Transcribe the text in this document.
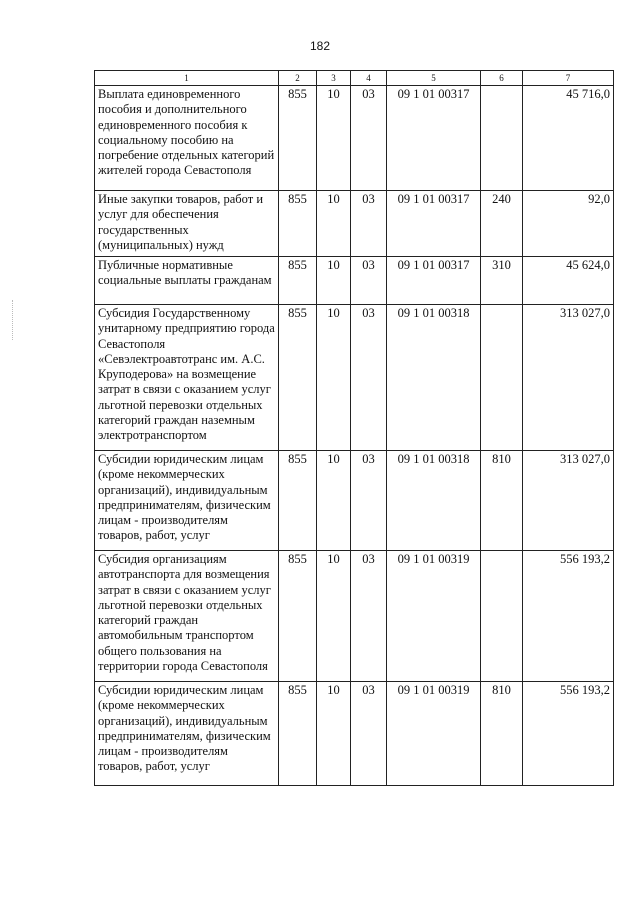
182
1	2	3	4	5	6	7
Выплата единовременного пособия и дополнительного единовременного пособия к социальному пособию на погребение отдельных категорий жителей города Севастополя	855	10	03	09 1 01 00317		45 716,0
Иные закупки товаров, работ и услуг для обеспечения государственных (муниципальных) нужд	855	10	03	09 1 01 00317	240	92,0
Публичные нормативные социальные выплаты гражданам	855	10	03	09 1 01 00317	310	45 624,0
Субсидия Государственному унитарному предприятию города Севастополя «Севэлектроавтотранс им. А.С. Круподерова» на возмещение затрат в связи с оказанием услуг льготной перевозки отдельных категорий граждан наземным электротранспортом	855	10	03	09 1 01 00318		313 027,0
Субсидии юридическим лицам (кроме некоммерческих организаций), индивидуальным предпринимателям, физическим лицам - производителям товаров, работ, услуг	855	10	03	09 1 01 00318	810	313 027,0
Субсидия организациям автотранспорта для возмещения затрат в связи с оказанием услуг льготной перевозки отдельных категорий граждан автомобильным транспортом общего пользования на территории города Севастополя	855	10	03	09 1 01 00319		556 193,2
Субсидии юридическим лицам (кроме некоммерческих организаций), индивидуальным предпринимателям, физическим лицам - производителям товаров, работ, услуг	855	10	03	09 1 01 00319	810	556 193,2
